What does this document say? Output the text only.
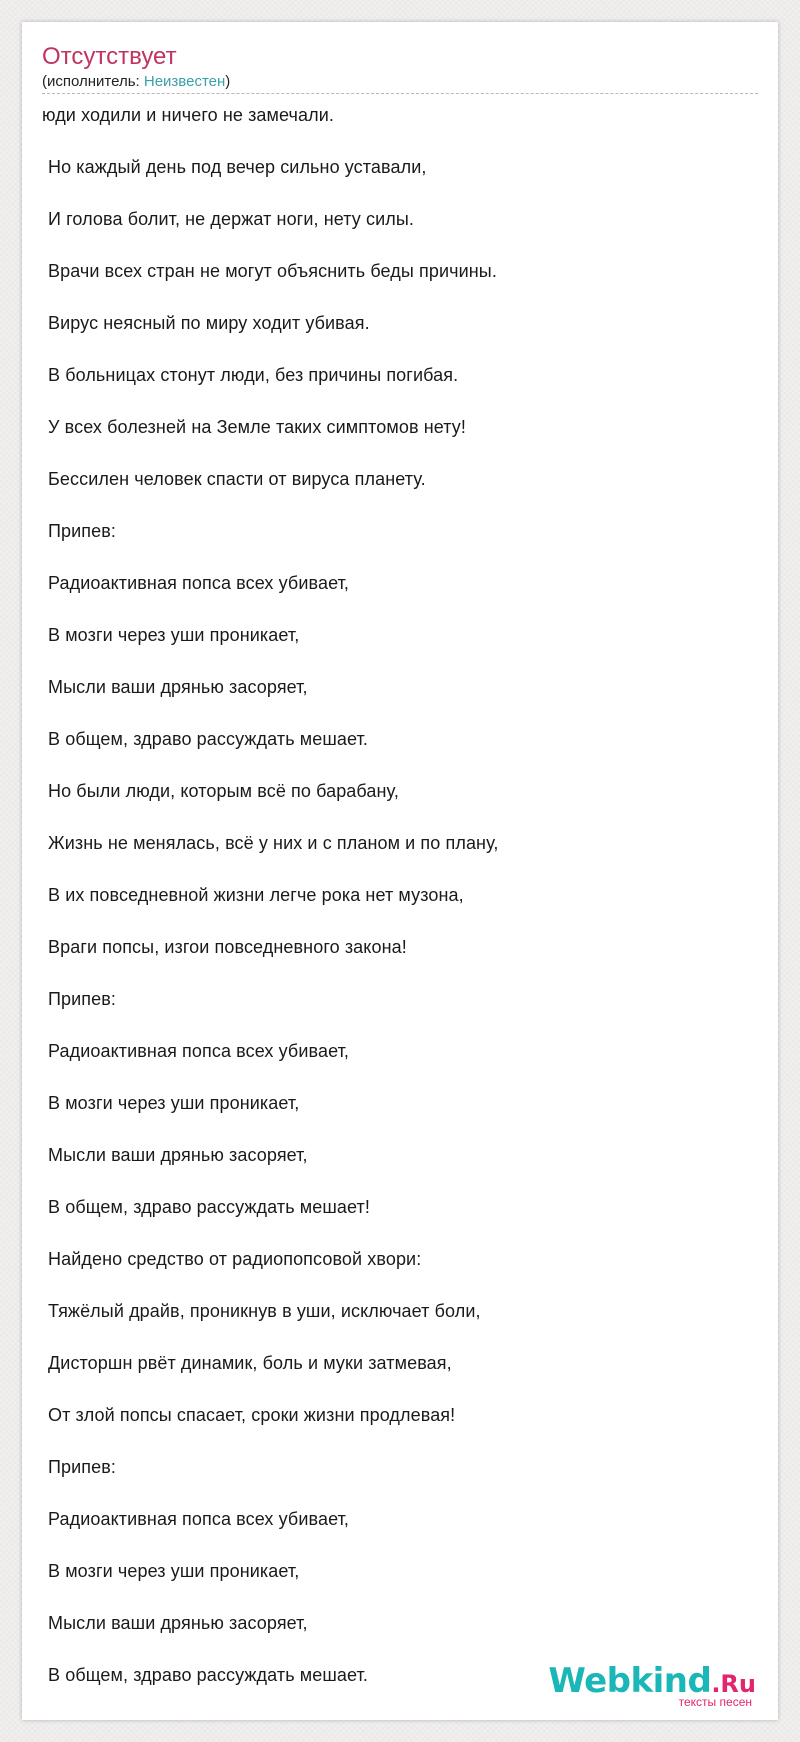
Отсутствует
(исполнитель: Неизвестен)
юди ходили и ничего не замечали.
Но каждый день под вечер сильно уставали,
И голова болит, не держат ноги, нету силы.
Врачи всех стран не могут объяснить беды причины.
Вирус неясный по миру ходит убивая.
В больницах стонут люди, без причины погибая.
У всех болезней на Земле таких симптомов нету!
Бессилен человек спасти от вируса планету.
Припев:
Радиоактивная попса всех убивает,
В мозги через уши проникает,
Мысли ваши дрянью засоряет,
В общем, здраво рассуждать мешает.
Но были люди, которым всё по барабану,
Жизнь не менялась, всё у них и с планом и по плану,
В их повседневной жизни легче рока нет музона,
Враги попсы, изгои повседневного закона!
Припев:
Радиоактивная попса всех убивает,
В мозги через уши проникает,
Мысли ваши дрянью засоряет,
В общем, здраво рассуждать мешает!
Найдено средство от радиопопсовой хвори:
Тяжёлый драйв, проникнув в уши, исключает боли,
Дисторшн рвёт динамик, боль и муки затмевая,
От злой попсы спасает, сроки жизни продлевая!
Припев:
Радиоактивная попса всех убивает,
В мозги через уши проникает,
Мысли ваши дрянью засоряет,
В общем, здраво рассуждать мешает.	Webkind.Ru
тексты песен
